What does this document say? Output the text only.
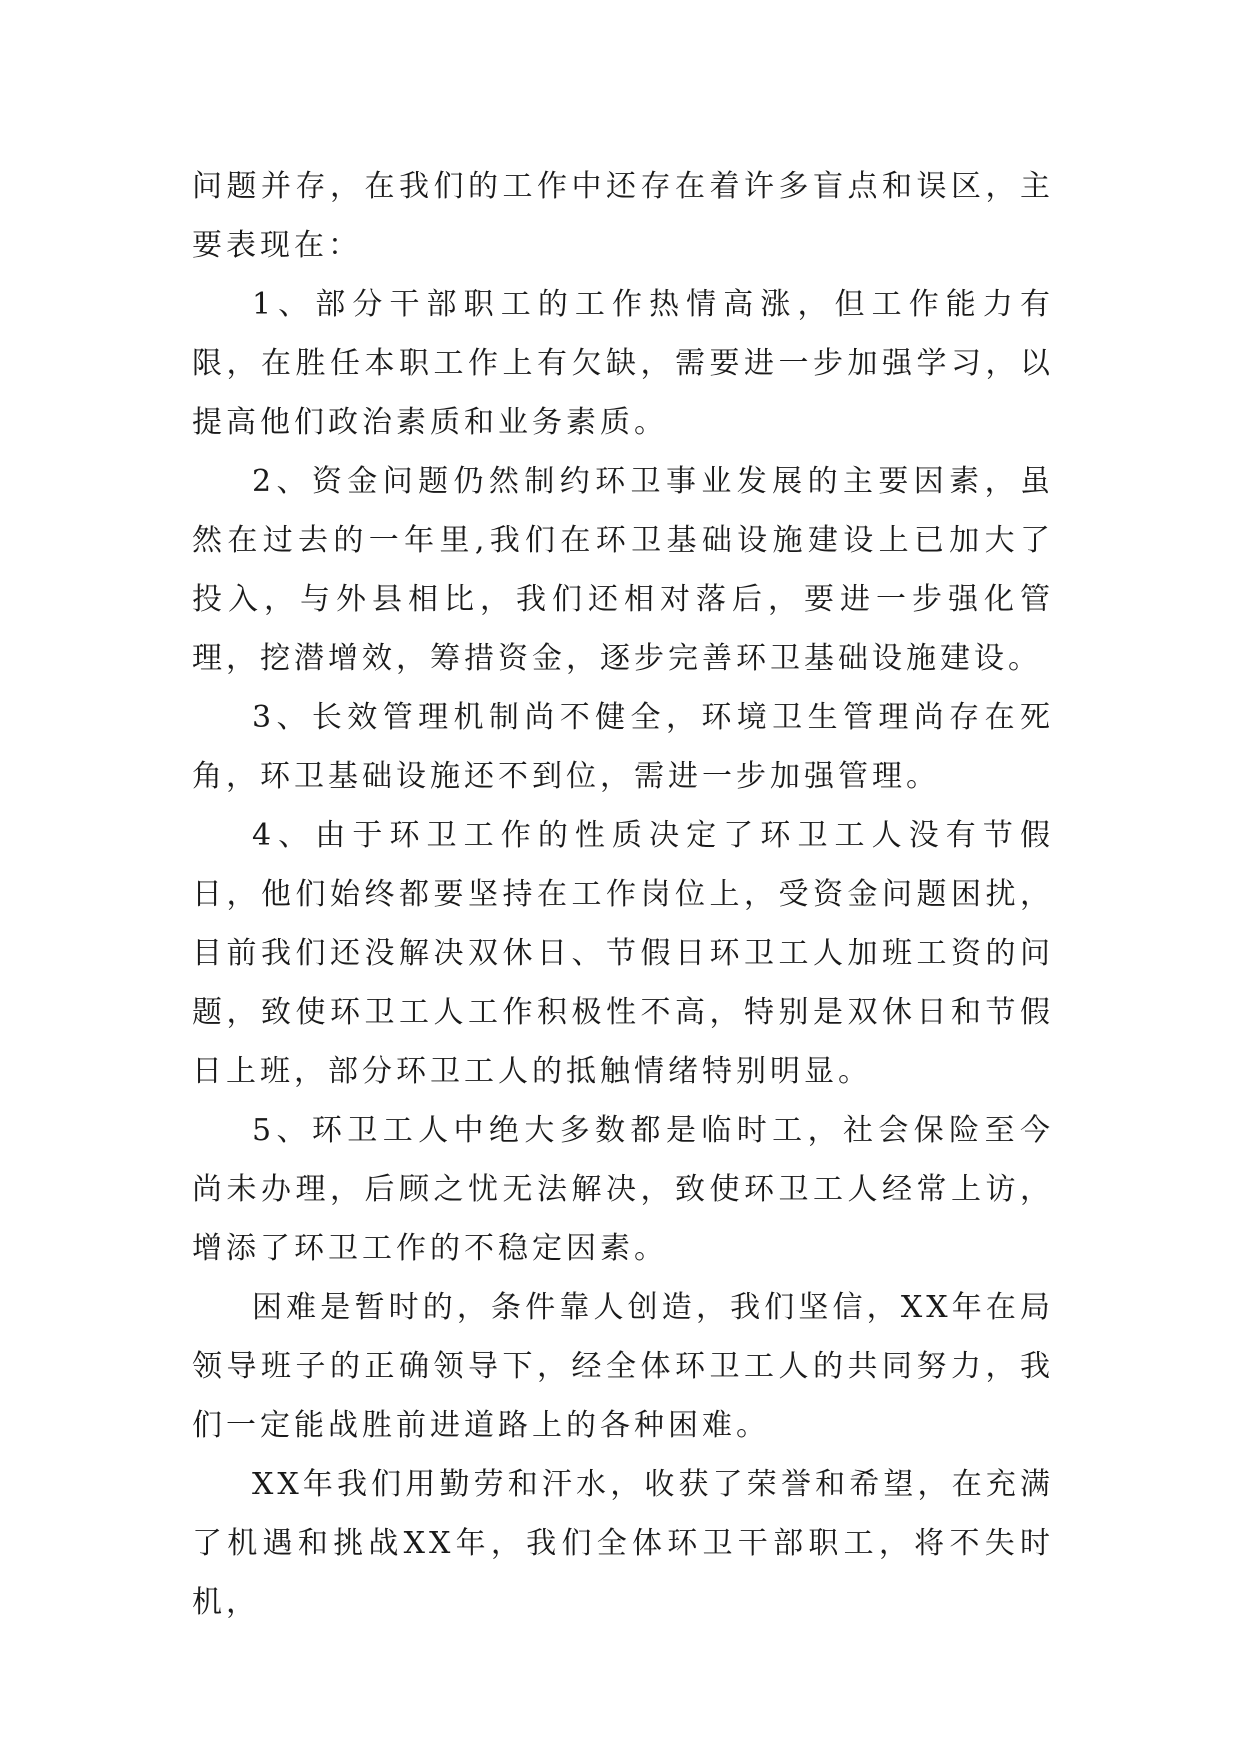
问题并存，在我们的工作中还存在着许多盲点和误区，主要表现在：

1、部分干部职工的工作热情高涨，但工作能力有限，在胜任本职工作上有欠缺，需要进一步加强学习，以提高他们政治素质和业务素质。

2、资金问题仍然制约环卫事业发展的主要因素，虽然在过去的一年里,我们在环卫基础设施建设上已加大了投入，与外县相比，我们还相对落后，要进一步强化管理，挖潜增效，筹措资金，逐步完善环卫基础设施建设。

3、长效管理机制尚不健全，环境卫生管理尚存在死角，环卫基础设施还不到位，需进一步加强管理。

4、由于环卫工作的性质决定了环卫工人没有节假日，他们始终都要坚持在工作岗位上，受资金问题困扰，目前我们还没解决双休日、节假日环卫工人加班工资的问题，致使环卫工人工作积极性不高，特别是双休日和节假日上班，部分环卫工人的抵触情绪特别明显。

5、环卫工人中绝大多数都是临时工，社会保险至今尚未办理，后顾之忧无法解决，致使环卫工人经常上访，增添了环卫工作的不稳定因素。

困难是暂时的，条件靠人创造，我们坚信，XX年在局领导班子的正确领导下，经全体环卫工人的共同努力，我们一定能战胜前进道路上的各种困难。

XX年我们用勤劳和汗水，收获了荣誉和希望，在充满了机遇和挑战XX年，我们全体环卫干部职工，将不失时机，
